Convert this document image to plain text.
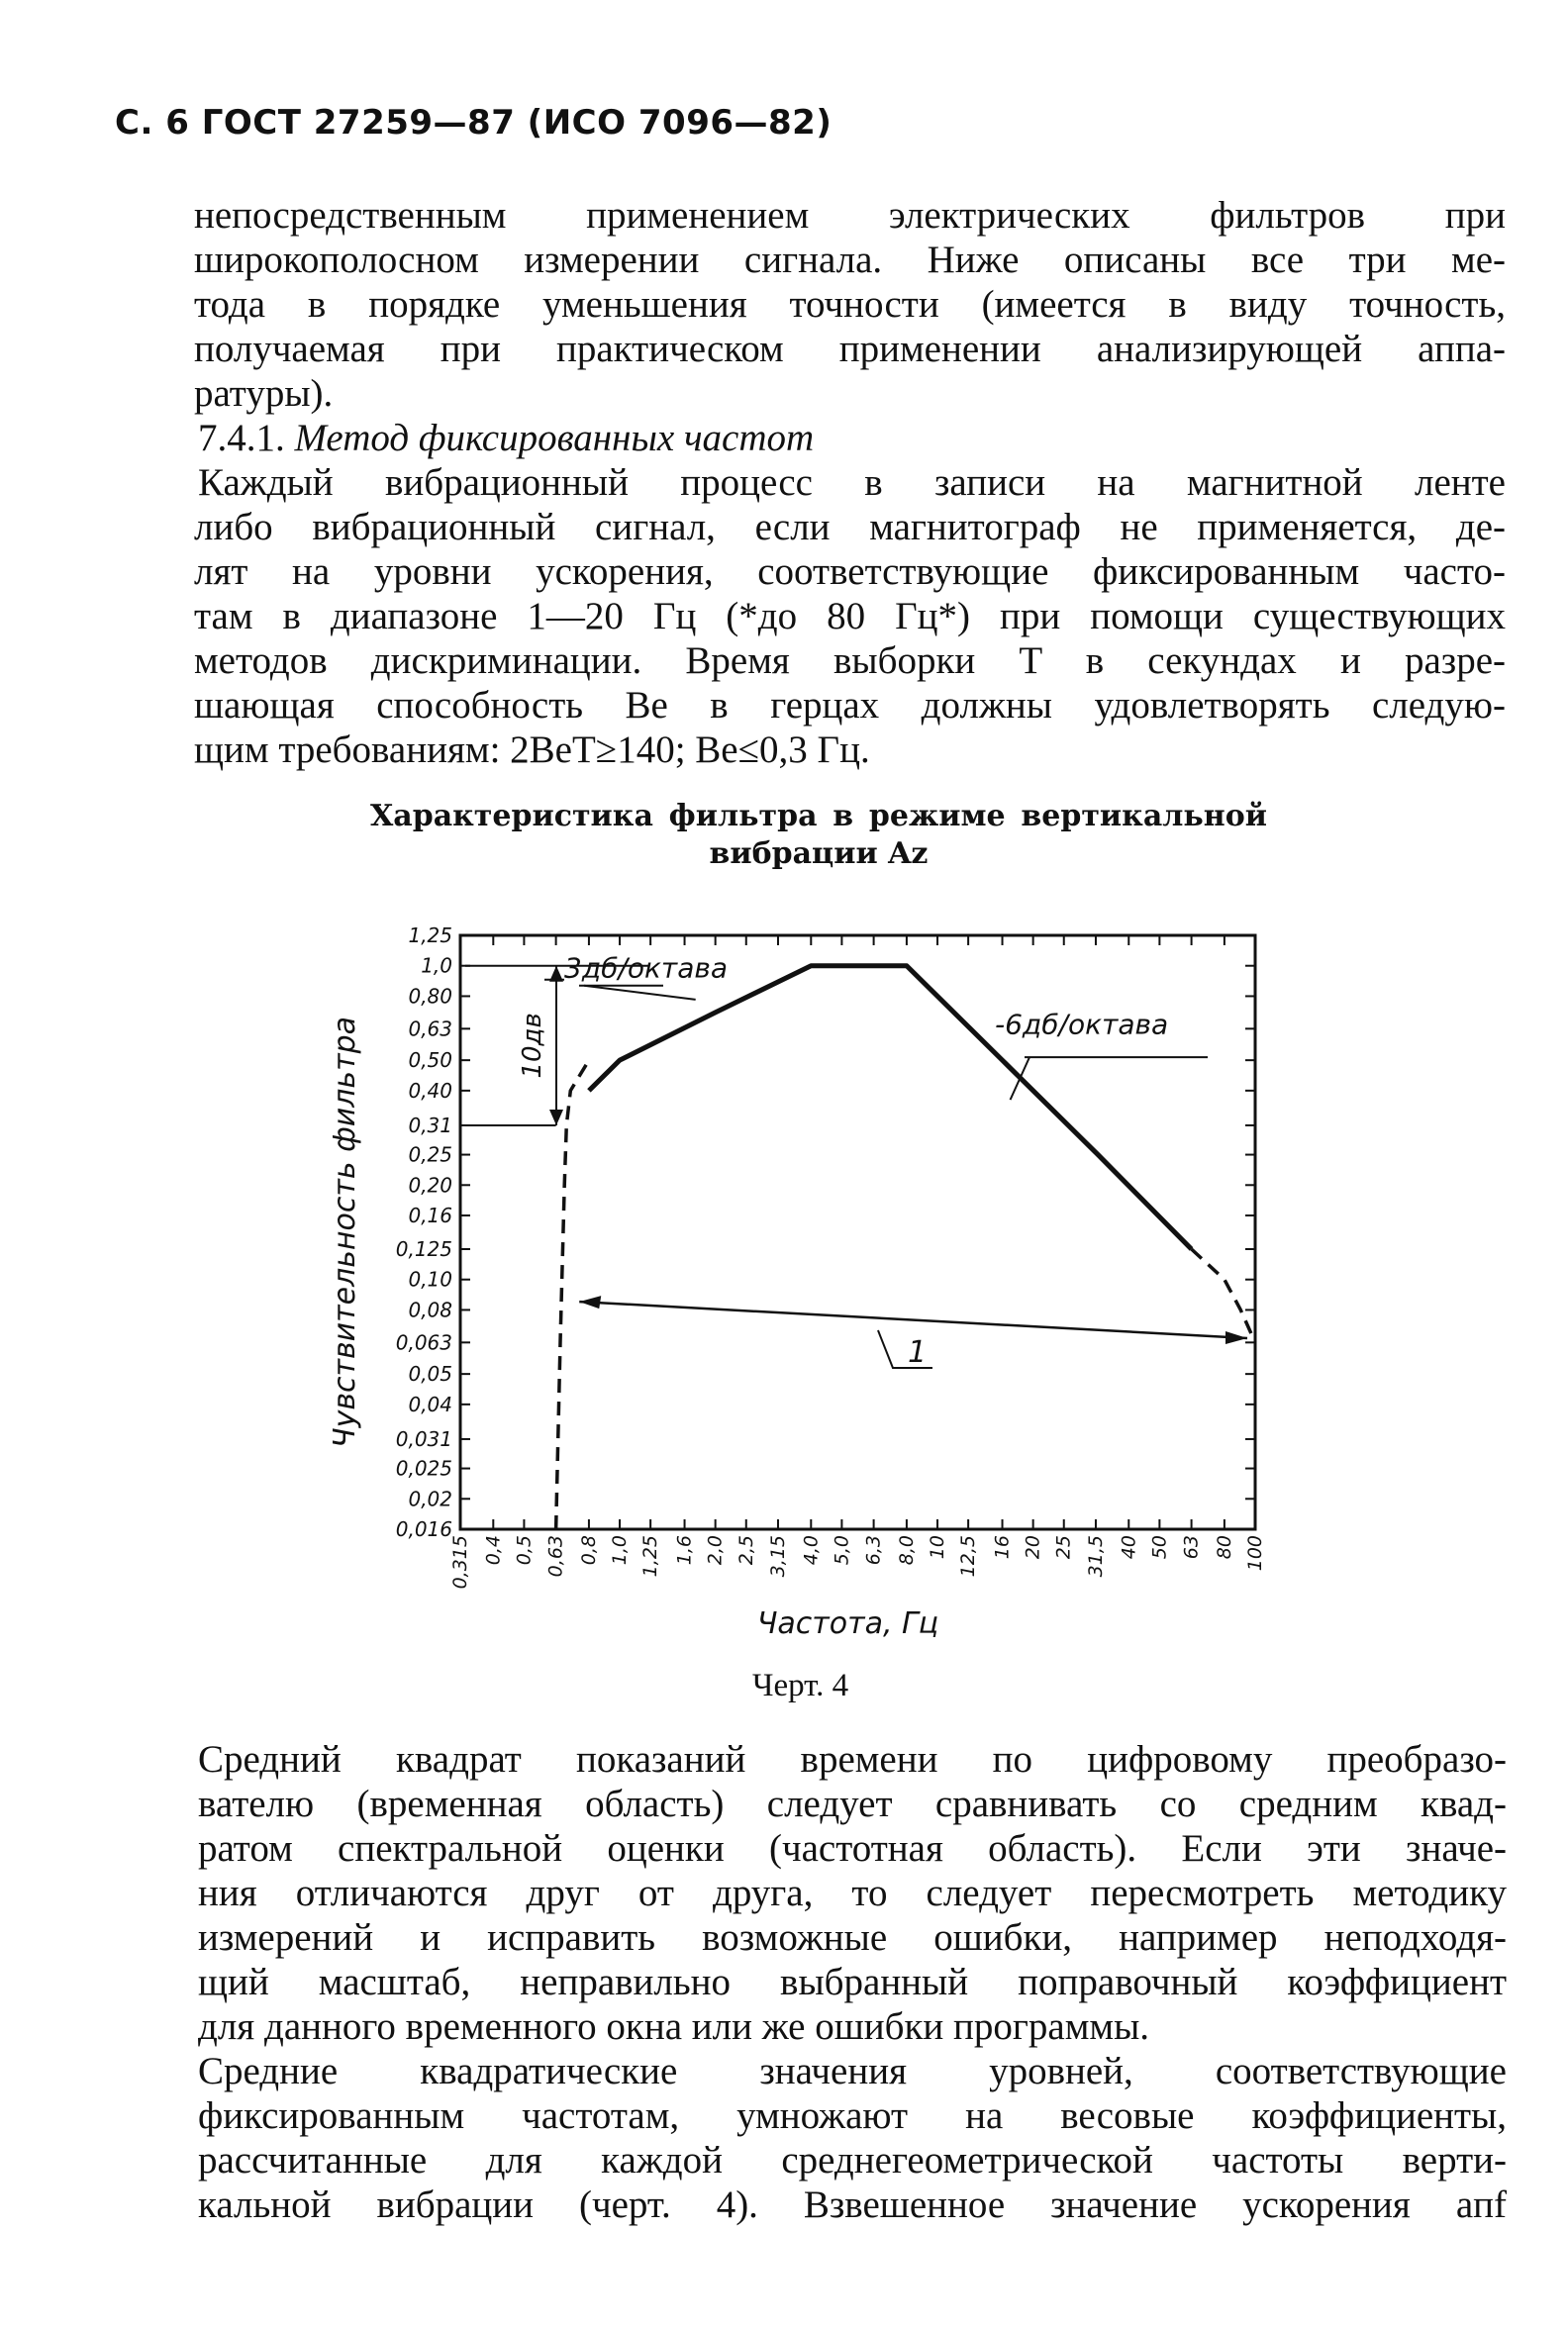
С. 6 ГОСТ 27259—87 (ИСО 7096—82)

непосредственным применением электрических фильтров при

широкополосном измерении сигнала. Ниже описаны все три ме-

тода в порядке уменьшения точности (имеется в виду точность,

получаемая при практическом применении анализирующей аппа-

ратуры).

7.4.1. Метод фиксированных частот

Каждый вибрационный процесс в записи на магнитной ленте

либо вибрационный сигнал, если магнитограф не применяется, де-

лят на уровни ускорения, соответствующие фиксированным часто-

там в диапазоне 1—20 Гц (*до 80 Гц*) при помощи существующих

методов дискриминации. Время выборки T в секундах и разре-

шающая способность Be в герцах должны удовлетворять следую-

щим требованиям: 2BeT≥140; Be≤0,3 Гц.

Характеристика фильтра в режиме вертикальной
вибрации Az
0,315 0,4 0,5 0,63 0,8 1,0 1,25 1,6 2,0 2,5 3,15 4,0 5,0 6,3 8,0 10 12,5 16 20 25 31,5 40 50 63 80 100
0,016
0,02
0,025
0,031
0,04
0,05
0,063
0,08
0,10
0,125
0,16
0,20
0,25
0,31
0,40
0,50
0,63
0,80
1,0
1,25
Частота, Гц
Чувствительность фильтра	10дв
3дб/октава
-6дб/октава
1
Черт. 4

Средний квадрат показаний времени по цифровому преобразо-

вателю (временная область) следует сравнивать со средним квад-

ратом спектральной оценки (частотная область). Если эти значе-

ния отличаются друг от друга, то следует пересмотреть методику

измерений и исправить возможные ошибки, например неподходя-

щий масштаб, неправильно выбранный поправочный коэффициент

для данного временного окна или же ошибки программы.

Средние квадратические значения уровней, соответствующие

фиксированным частотам, умножают на весовые коэффициенты,

рассчитанные для каждой среднегеометрической частоты верти-

кальной вибрации (черт. 4). Взвешенное значение ускорения aпf
